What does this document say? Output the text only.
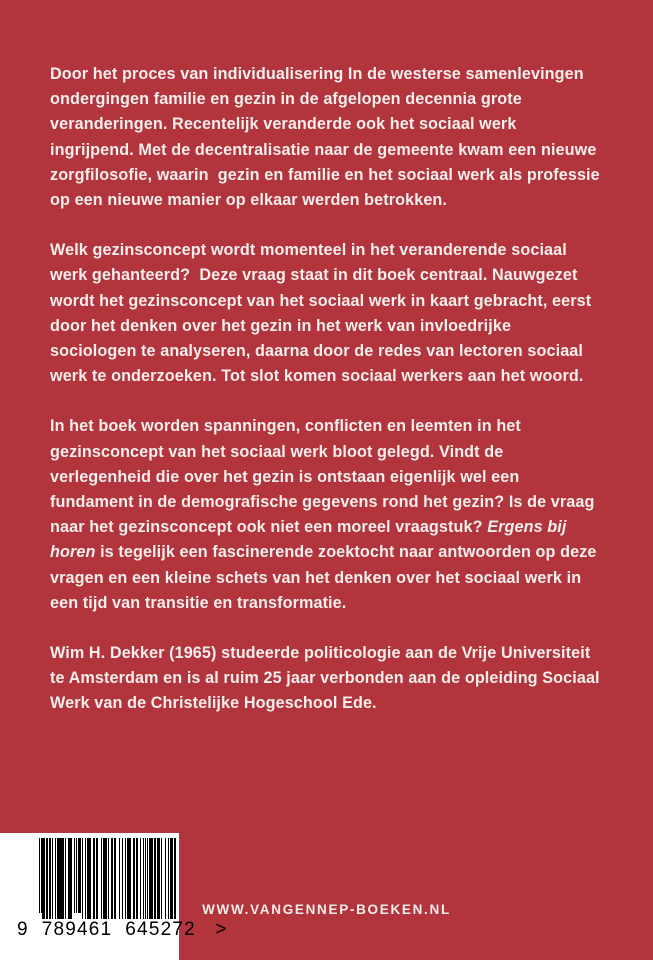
Door het proces van individualisering In de westerse samenlevingen ondergingen familie en gezin in de afgelopen decennia grote veranderingen. Recentelijk veranderde ook het sociaal werk ingrijpend. Met de decentralisatie naar de gemeente kwam een nieuwe zorgfilosofie, waarin  gezin en familie en het sociaal werk als professie op een nieuwe manier op elkaar werden betrokken.

Welk gezinsconcept wordt momenteel in het veranderende sociaal werk gehanteerd?  Deze vraag staat in dit boek centraal. Nauwgezet wordt het gezinsconcept van het sociaal werk in kaart gebracht, eerst door het denken over het gezin in het werk van invloedrijke sociologen te analyseren, daarna door de redes van lectoren sociaal werk te onderzoeken. Tot slot komen sociaal werkers aan het woord.

In het boek worden spanningen, conflicten en leemten in het gezinsconcept van het sociaal werk bloot gelegd. Vindt de verlegenheid die over het gezin is ontstaan eigenlijk wel een fundament in de demografische gegevens rond het gezin? Is de vraag naar het gezinsconcept ook niet een moreel vraagstuk? Ergens bij horen is tegelijk een fascinerende zoektocht naar antwoorden op deze vragen en een kleine schets van het denken over het sociaal werk in een tijd van transitie en transformatie.

Wim H. Dekker (1965) studeerde politicologie aan de Vrije Universiteit te Amsterdam en is al ruim 25 jaar verbonden aan de opleiding Sociaal Werk van de Christelijke Hogeschool Ede.

9  789461  645272   >
WWW.VANGENNEP-BOEKEN.NL
